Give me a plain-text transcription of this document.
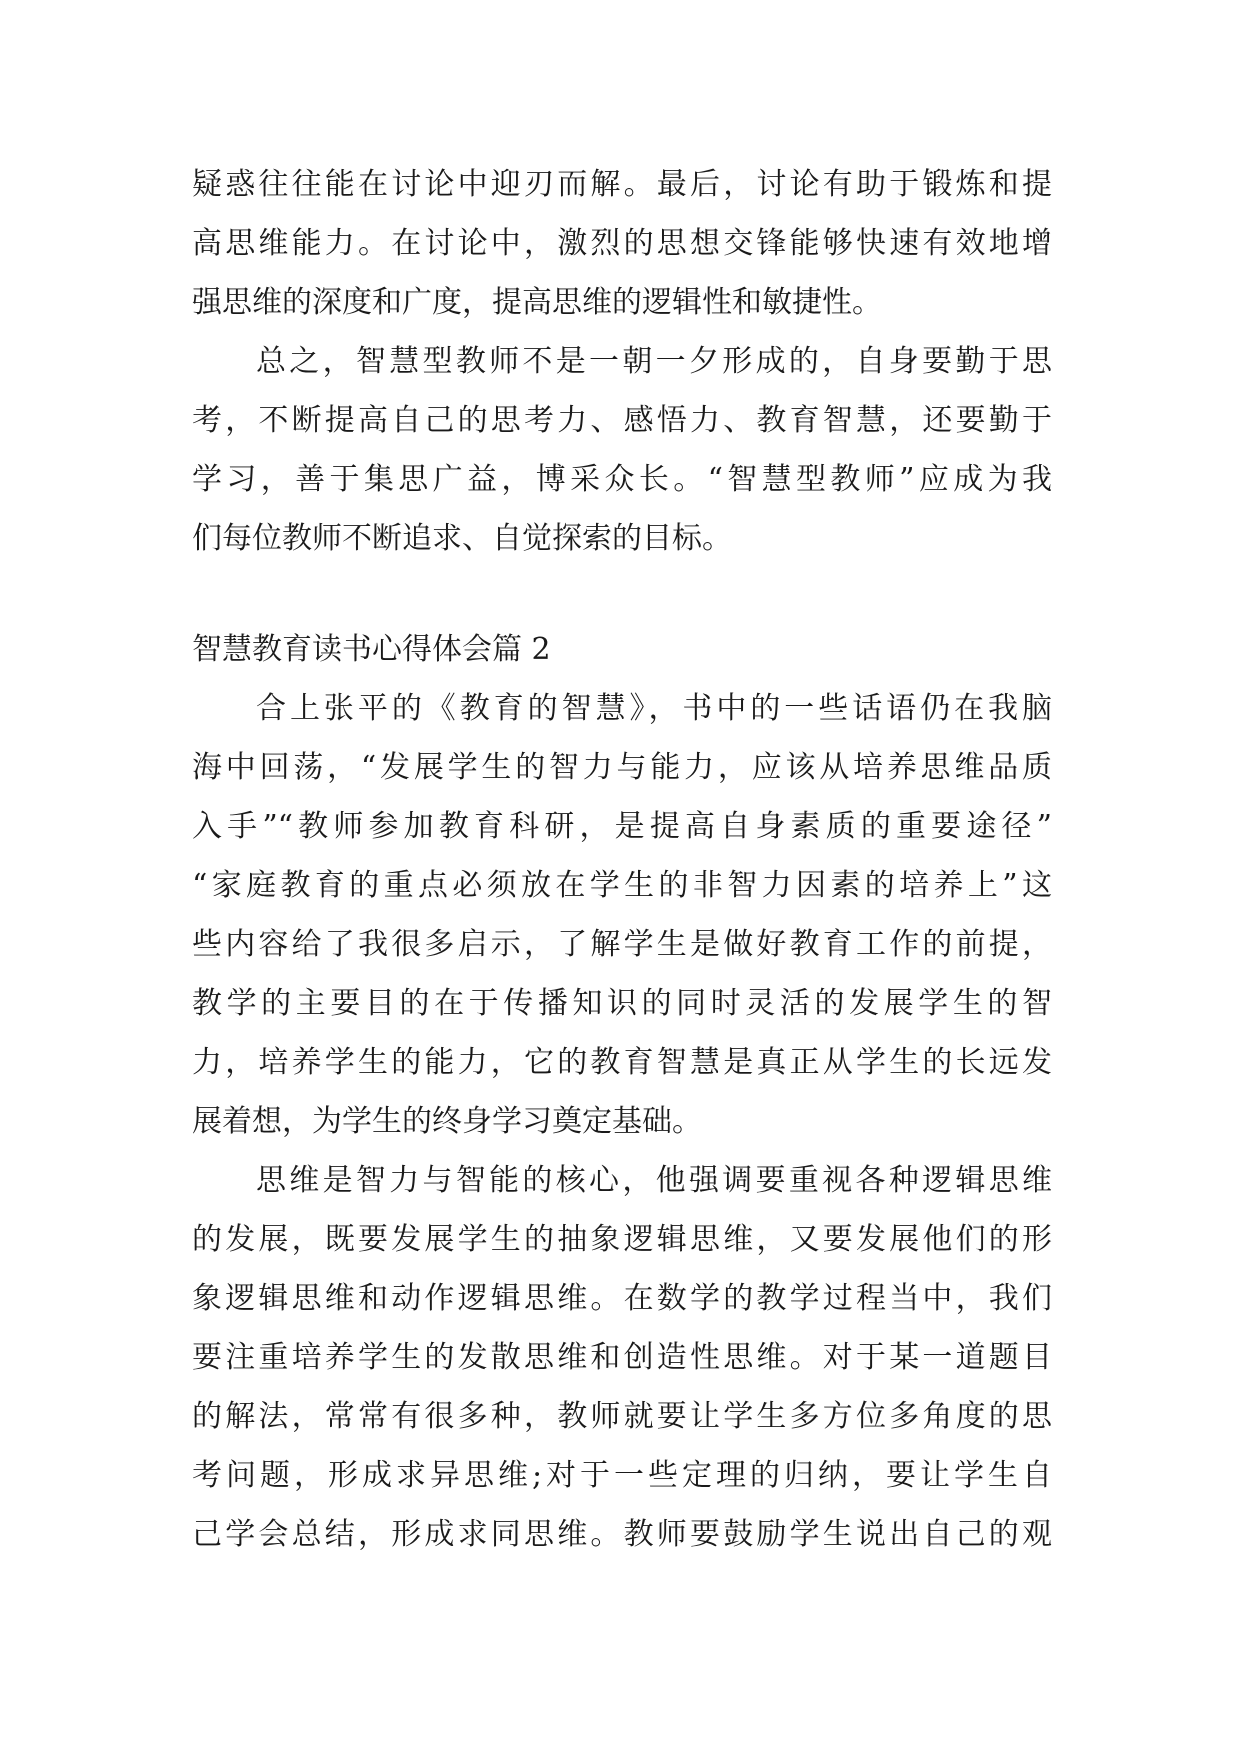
疑惑往往能在讨论中迎刃而解。最后，讨论有助于锻炼和提
高思维能力。在讨论中，激烈的思想交锋能够快速有效地增
强思维的深度和广度，提高思维的逻辑性和敏捷性。
总之，智慧型教师不是一朝一夕形成的，自身要勤于思
考，不断提高自己的思考力、感悟力、教育智慧，还要勤于
学习，善于集思广益，博采众长。“智慧型教师”应成为我
们每位教师不断追求、自觉探索的目标。
智慧教育读书心得体会篇 2
合上张平的《教育的智慧》，书中的一些话语仍在我脑
海中回荡，“发展学生的智力与能力，应该从培养思维品质
入手”“教师参加教育科研，是提高自身素质的重要途径”
“家庭教育的重点必须放在学生的非智力因素的培养上”这
些内容给了我很多启示，了解学生是做好教育工作的前提，
教学的主要目的在于传播知识的同时灵活的发展学生的智
力，培养学生的能力，它的教育智慧是真正从学生的长远发
展着想，为学生的终身学习奠定基础。
思维是智力与智能的核心，他强调要重视各种逻辑思维
的发展，既要发展学生的抽象逻辑思维，又要发展他们的形
象逻辑思维和动作逻辑思维。在数学的教学过程当中，我们
要注重培养学生的发散思维和创造性思维。对于某一道题目
的解法，常常有很多种，教师就要让学生多方位多角度的思
考问题，形成求异思维;对于一些定理的归纳，要让学生自
己学会总结，形成求同思维。教师要鼓励学生说出自己的观
